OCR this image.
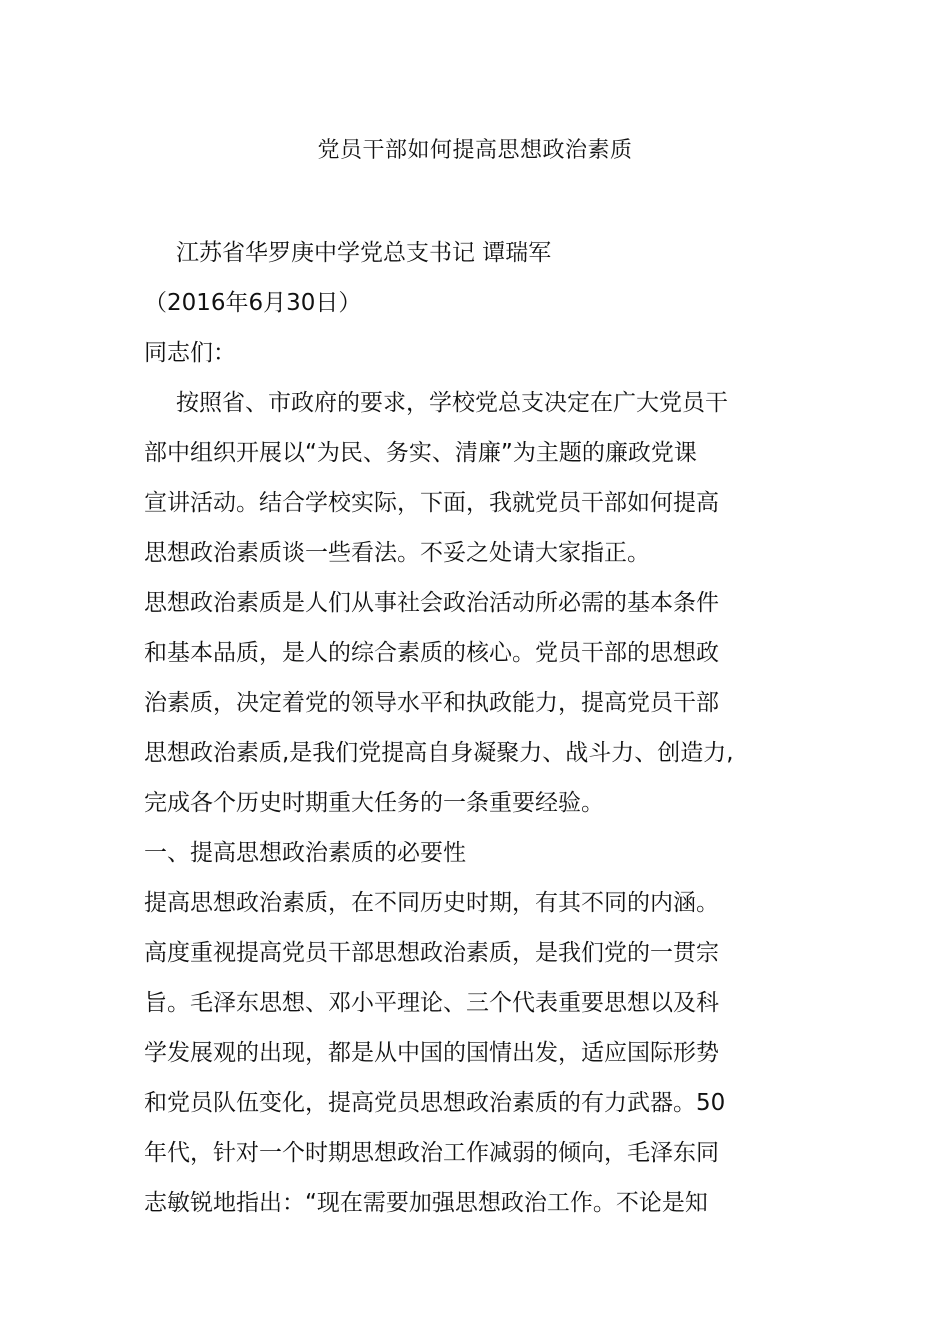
党员干部如何提高思想政治素质
江苏省华罗庚中学党总支书记 谭瑞军
（2016年6月30日）
同志们：
按照省、市政府的要求，学校党总支决定在广大党员干
部中组织开展以“为民、务实、清廉”为主题的廉政党课
宣讲活动。结合学校实际，下面，我就党员干部如何提高
思想政治素质谈一些看法。不妥之处请大家指正。
思想政治素质是人们从事社会政治活动所必需的基本条件
和基本品质，是人的综合素质的核心。党员干部的思想政
治素质，决定着党的领导水平和执政能力，提高党员干部
思想政治素质,是我们党提高自身凝聚力、战斗力、创造力,
完成各个历史时期重大任务的一条重要经验。
一、提高思想政治素质的必要性
提高思想政治素质，在不同历史时期，有其不同的内涵。
高度重视提高党员干部思想政治素质，是我们党的一贯宗
旨。毛泽东思想、邓小平理论、三个代表重要思想以及科
学发展观的出现，都是从中国的国情出发，适应国际形势
和党员队伍变化，提高党员思想政治素质的有力武器。50
年代，针对一个时期思想政治工作减弱的倾向，毛泽东同
志敏锐地指出：“现在需要加强思想政治工作。不论是知
